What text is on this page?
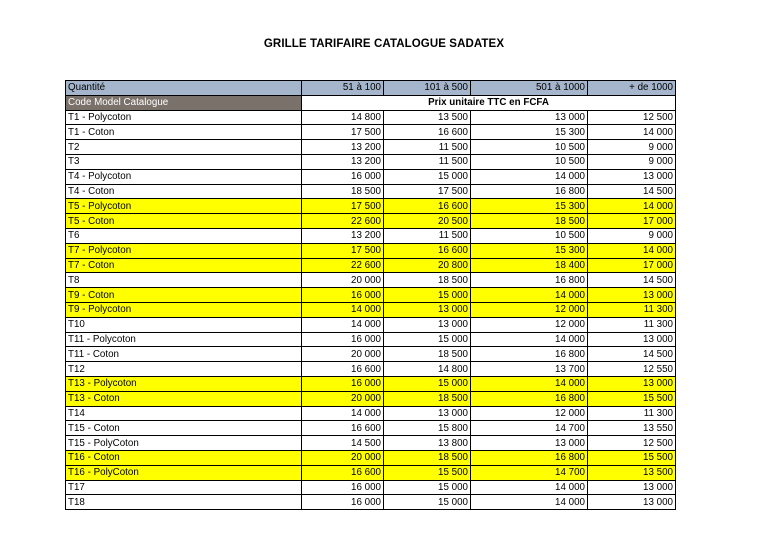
GRILLE TARIFAIRE CATALOGUE SADATEX
Quantité	51 à 100	101 à 500	501 à 1000	+ de 1000
Code Model Catalogue	Prix unitaire TTC en FCFA			
T1 - Polycoton	14 800	13 500	13 000	12 500
T1 - Coton	17 500	16 600	15 300	14 000
T2	13 200	11 500	10 500	9 000
T3	13 200	11 500	10 500	9 000
T4 - Polycoton	16 000	15 000	14 000	13 000
T4 - Coton	18 500	17 500	16 800	14 500
T5 - Polycoton	17 500	16 600	15 300	14 000
T5 - Coton	22 600	20 500	18 500	17 000
T6	13 200	11 500	10 500	9 000
T7 - Polycoton	17 500	16 600	15 300	14 000
T7 - Coton	22 600	20 800	18 400	17 000
T8	20 000	18 500	16 800	14 500
T9 - Coton	16 000	15 000	14 000	13 000
T9 - Polycoton	14 000	13 000	12 000	11 300
T10	14 000	13 000	12 000	11 300
T11 - Polycoton	16 000	15 000	14 000	13 000
T11 - Coton	20 000	18 500	16 800	14 500
T12	16 600	14 800	13 700	12 550
T13 - Polycoton	16 000	15 000	14 000	13 000
T13 - Coton	20 000	18 500	16 800	15 500
T14	14 000	13 000	12 000	11 300
T15 - Coton	16 600	15 800	14 700	13 550
T15 - PolyCoton	14 500	13 800	13 000	12 500
T16 - Coton	20 000	18 500	16 800	15 500
T16 - PolyCoton	16 600	15 500	14 700	13 500
T17	16 000	15 000	14 000	13 000
T18	16 000	15 000	14 000	13 000
